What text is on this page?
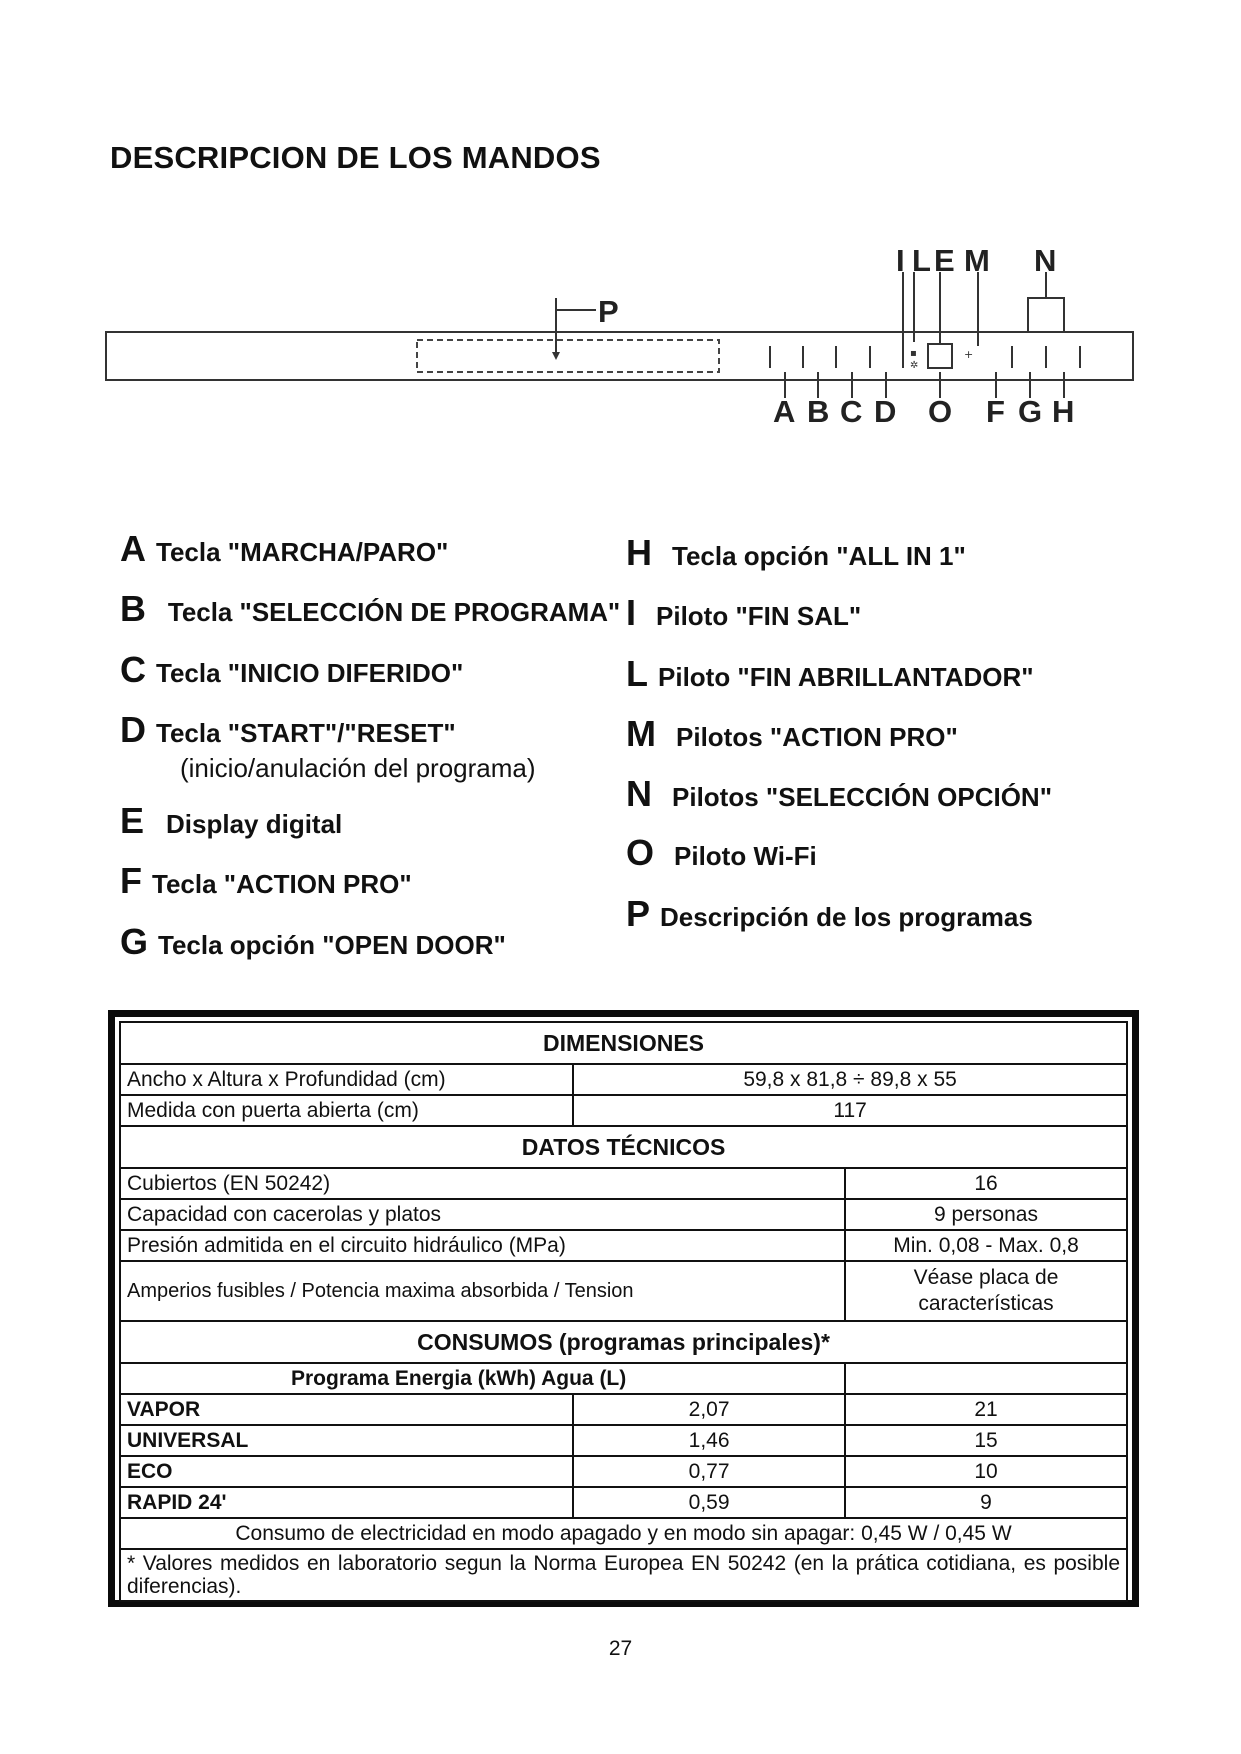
DESCRIPCION DE LOS MANDOS
P
▪
✲
+
I L E M N
A B C D O F G H
A Tecla "MARCHA/PARO"
B Tecla "SELECCIÓN DE PROGRAMA"
C Tecla "INICIO DIFERIDO"
D Tecla "START"/"RESET"
(inicio/anulación del programa)
E Display digital
F Tecla "ACTION PRO"
G Tecla opción "OPEN DOOR"
H Tecla opción "ALL IN 1"
I Piloto "FIN SAL"
L Piloto "FIN ABRILLANTADOR"
M Pilotos "ACTION PRO"
N Pilotos "SELECCIÓN OPCIÓN"
O Piloto Wi-Fi
P Descripción de los programas
DIMENSIONES		
Ancho x Altura x Profundidad (cm)	59,8 x 81,8 ÷ 89,8 x 55	
Medida con puerta abierta (cm)	117	
DATOS TÉCNICOS		
Cubiertos (EN 50242)		16
Capacidad con cacerolas y platos		9 personas
Presión admitida en el circuito hidráulico (MPa)		Min. 0,08 - Max. 0,8
Amperios fusibles / Potencia maxima absorbida / Tension		Véase placa de características
CONSUMOS (programas principales)*		
Programa Energia (kWh) Agua (L)		
VAPOR	2,07	21
UNIVERSAL	1,46	15
ECO	0,77	10
RAPID 24'	0,59	9
Consumo de electricidad en modo apagado y en modo sin apagar: 0,45 W / 0,45 W		
* Valores medidos en laboratorio segun la Norma Europea EN 50242 (en la prática cotidiana, es posible diferencias).		
27
